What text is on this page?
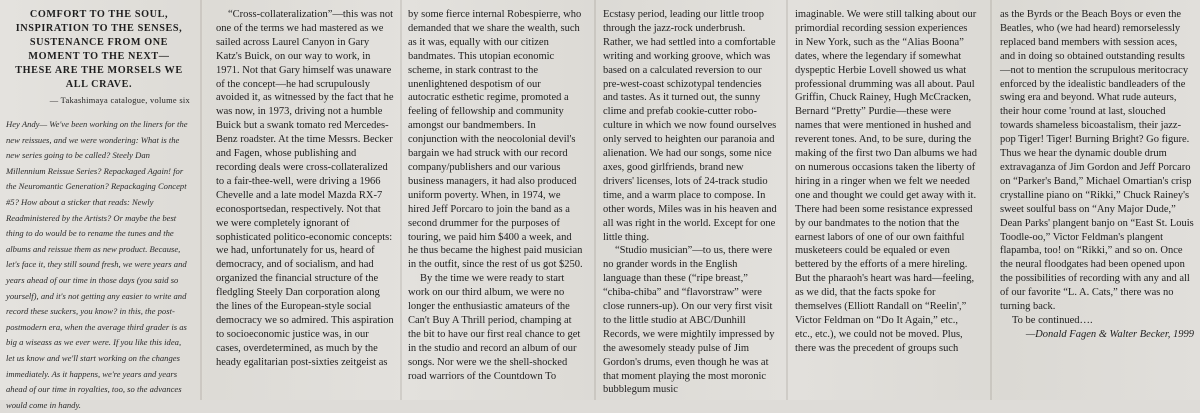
COMFORT TO THE SOUL, INSPIRATION TO THE SENSES, SUSTENANCE FROM ONE MOMENT TO THE NEXT—THESE ARE THE MORSELS WE ALL CRAVE.
— Takashimaya catalogue, volume six
Hey Andy— We've been working on the liners for the new reissues, and we were wondering: What is the new series going to be called? Steely Dan Millennium Reissue Series? Repackaged Again! for the Neuromantic Generation? Repackaging Concept #5? How about a sticker that reads: Newly Readministered by the Artists? Or maybe the best thing to do would be to rename the tunes and the albums and reissue them as new product. Because, let's face it, they still sound fresh, we were years and years ahead of our time in those days (you said so yourself), and it's not getting any easier to write and record these suckers, you know? in this, the post-postmodern era, when the average third grader is as big a wiseass as we ever were. If you like this idea, let us know and we'll start working on the changes immediately. As it happens, we're years and years ahead of our time in royalties, too, so the advances would come in handy.

“Cross-collateralization”—this was not one of the terms we had mastered as we sailed across Laurel Canyon in Gary Katz's Buick, on our way to work, in 1971. Not that Gary himself was unaware of the concept—he had scrupulously avoided it, as witnessed by the fact that he was now, in 1973, driving not a humble Buick but a swank tomato red Mercedes-Benz roadster. At the time Messrs. Becker and Fagen, whose publishing and recording deals were cross-collateralized to a fair-thee-well, were driving a 1966 Chevelle and a late model Mazda RX-7 econosportsedan, respectively. Not that we were completely ignorant of sophisticated politico-economic concepts: we had, unfortunately for us, heard of democracy, and of socialism, and had organized the financial structure of the fledgling Steely Dan corporation along the lines of the European-style social democracy we so admired. This aspiration to socioeconomic justice was, in our cases, overdetermined, as much by the heady egalitarian post-sixties zeitgeist as

by some fierce internal Robespierre, who demanded that we share the wealth, such as it was, equally with our citizen bandmates. This utopian economic scheme, in stark contrast to the unenlightened despotism of our autocratic esthetic regime, promoted a feeling of fellowship and community amongst our bandmembers. In conjunction with the neocolonial devil's bargain we had struck with our record company/publishers and our various business managers, it had also produced uniform poverty. When, in 1974, we hired Jeff Porcaro to join the band as a second drummer for the purposes of touring, we paid him $400 a week, and he thus became the highest paid musician in the outfit, since the rest of us got $250.

By the time we were ready to start work on our third album, we were no longer the enthusiastic amateurs of the Can't Buy A Thrill period, champing at the bit to have our first real chance to get in the studio and record an album of our songs. Nor were we the shell-shocked road warriors of the Countdown To

Ecstasy period, leading our little troop through the jazz-rock underbrush. Rather, we had settled into a comfortable writing and working groove, which was based on a calculated reversion to our pre-west-coast schizotypal tendencies and tastes. As it turned out, the sunny clime and prefab cookie-cutter robo-culture in which we now found ourselves only served to heighten our paranoia and alienation. We had our songs, some nice axes, good girlfriends, brand new drivers' licenses, lots of 24-track studio time, and a warm place to compose. In other words, Miles was in his heaven and all was right in the world. Except for one little thing.

“Studio musician”—to us, there were no grander words in the English language than these (“ripe breast,” “chiba-chiba” and “flavorstraw” were close runners-up). On our very first visit to the little studio at ABC/Dunhill Records, we were mightily impressed by the awesomely steady pulse of Jim Gordon's drums, even though he was at that moment playing the most moronic bubblegum music

imaginable. We were still talking about our primordial recording session experiences in New York, such as the “Alias Boona” dates, where the legendary if somewhat dyspeptic Herbie Lovell showed us what professional drumming was all about. Paul Griffin, Chuck Rainey, Hugh McCracken, Bernard “Pretty” Purdie—these were names that were mentioned in hushed and reverent tones. And, to be sure, during the making of the first two Dan albums we had on numerous occasions taken the liberty of hiring in a ringer when we felt we needed one and thought we could get away with it. There had been some resistance expressed by our bandmates to the notion that the earnest labors of one of our own faithful musketeers could be equaled or even bettered by the efforts of a mere hireling. But the pharaoh's heart was hard—feeling, as we did, that the facts spoke for themselves (Elliott Randall on “Reelin',” Victor Feldman on “Do It Again,” etc., etc., etc.), we could not be moved. Plus, there was the precedent of groups such

as the Byrds or the Beach Boys or even the Beatles, who (we had heard) remorselessly replaced band members with session aces, and in doing so obtained outstanding results—not to mention the scrupulous meritocracy enforced by the idealistic bandleaders of the swing era and beyond. What rude auteurs, their hour come 'round at last, slouched towards shameless bicoastalism, their jazz-pop Tiger! Tiger! Burning Bright? Go figure. Thus we hear the dynamic double drum extravaganza of Jim Gordon and Jeff Porcaro on “Parker's Band,” Michael Omartian's crisp crystalline piano on “Rikki,” Chuck Rainey's sweet soulful bass on “Any Major Dude,” Dean Parks' plangent banjo on “East St. Louis Toodle-oo,” Victor Feldman's plangent flapamba, too! on “Rikki,” and so on. Once the neural floodgates had been opened upon the possibilities of recording with any and all of our favorite “L. A. Cats,” there was no turning back.

To be continued….

—Donald Fagen & Walter Becker, 1999
